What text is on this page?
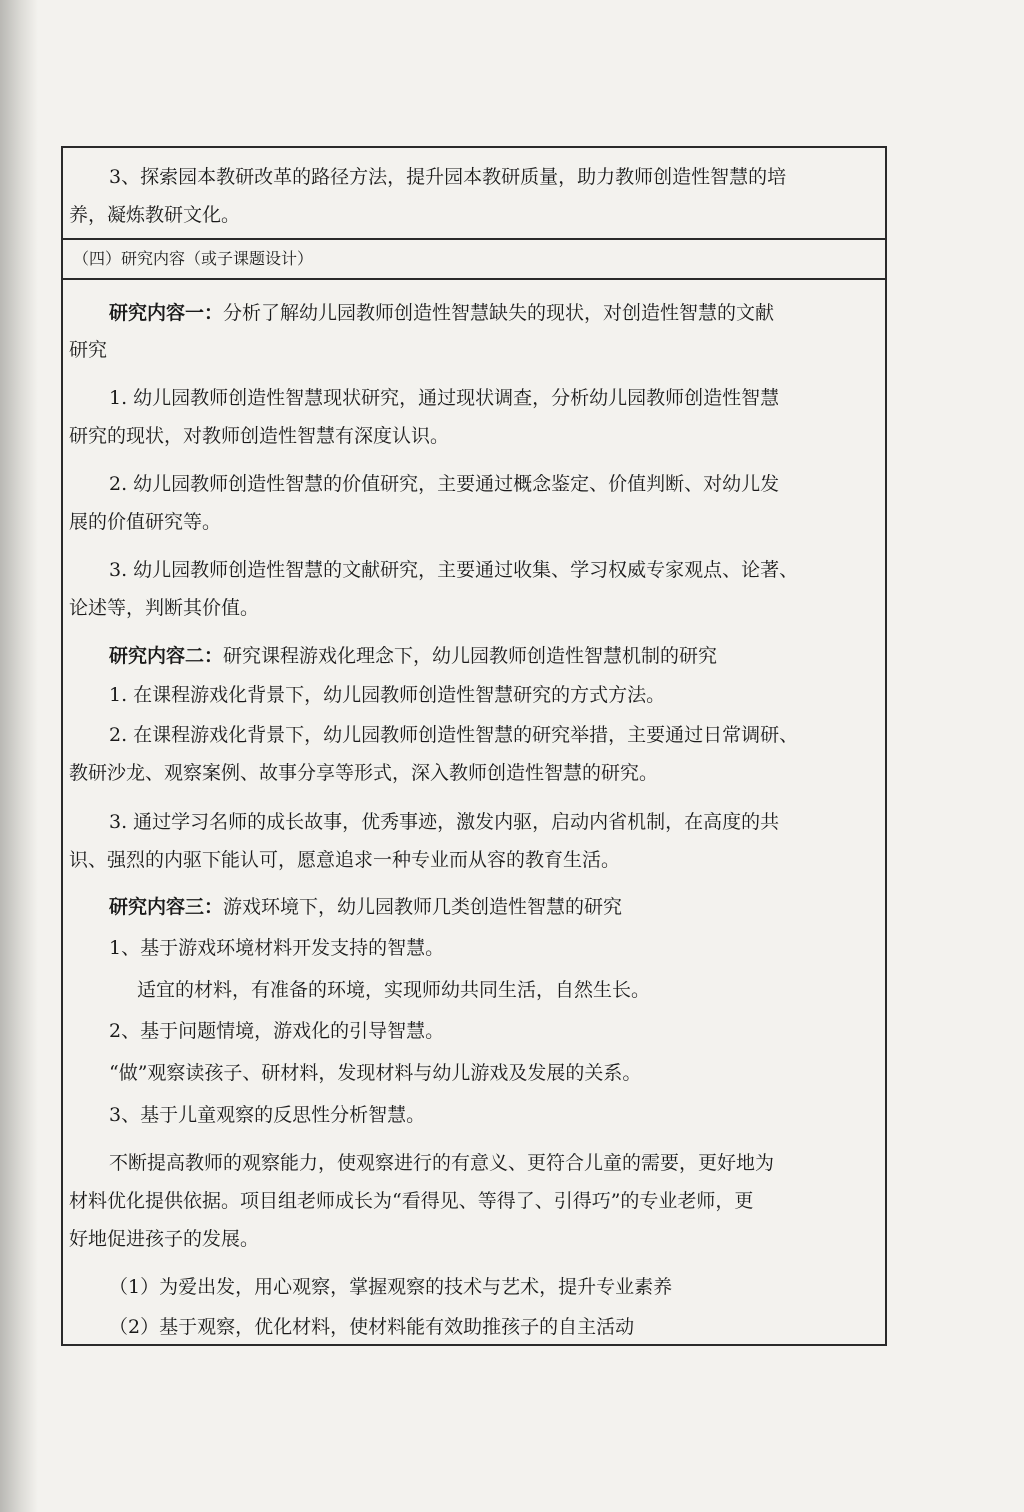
3、探索园本教研改革的路径方法，提升园本教研质量，助力教师创造性智慧的培
养，凝炼教研文化。
（四）研究内容（或子课题设计）
研究内容一：分析了解幼儿园教师创造性智慧缺失的现状，对创造性智慧的文献
研究
1. 幼儿园教师创造性智慧现状研究，通过现状调查，分析幼儿园教师创造性智慧
研究的现状，对教师创造性智慧有深度认识。
2. 幼儿园教师创造性智慧的价值研究，主要通过概念鉴定、价值判断、对幼儿发
展的价值研究等。
3. 幼儿园教师创造性智慧的文献研究，主要通过收集、学习权威专家观点、论著、
论述等，判断其价值。
研究内容二：研究课程游戏化理念下，幼儿园教师创造性智慧机制的研究
1. 在课程游戏化背景下，幼儿园教师创造性智慧研究的方式方法。
2. 在课程游戏化背景下，幼儿园教师创造性智慧的研究举措，主要通过日常调研、
教研沙龙、观察案例、故事分享等形式，深入教师创造性智慧的研究。
3. 通过学习名师的成长故事，优秀事迹，激发内驱，启动内省机制，在高度的共
识、强烈的内驱下能认可，愿意追求一种专业而从容的教育生活。
研究内容三：游戏环境下，幼儿园教师几类创造性智慧的研究
1、基于游戏环境材料开发支持的智慧。
适宜的材料，有准备的环境，实现师幼共同生活，自然生长。
2、基于问题情境，游戏化的引导智慧。
“做”观察读孩子、研材料，发现材料与幼儿游戏及发展的关系。
3、基于儿童观察的反思性分析智慧。
不断提高教师的观察能力，使观察进行的有意义、更符合儿童的需要，更好地为
材料优化提供依据。项目组老师成长为“看得见、等得了、引得巧”的专业老师，更
好地促进孩子的发展。
（1）为爱出发，用心观察，掌握观察的技术与艺术，提升专业素养
（2）基于观察，优化材料，使材料能有效助推孩子的自主活动
